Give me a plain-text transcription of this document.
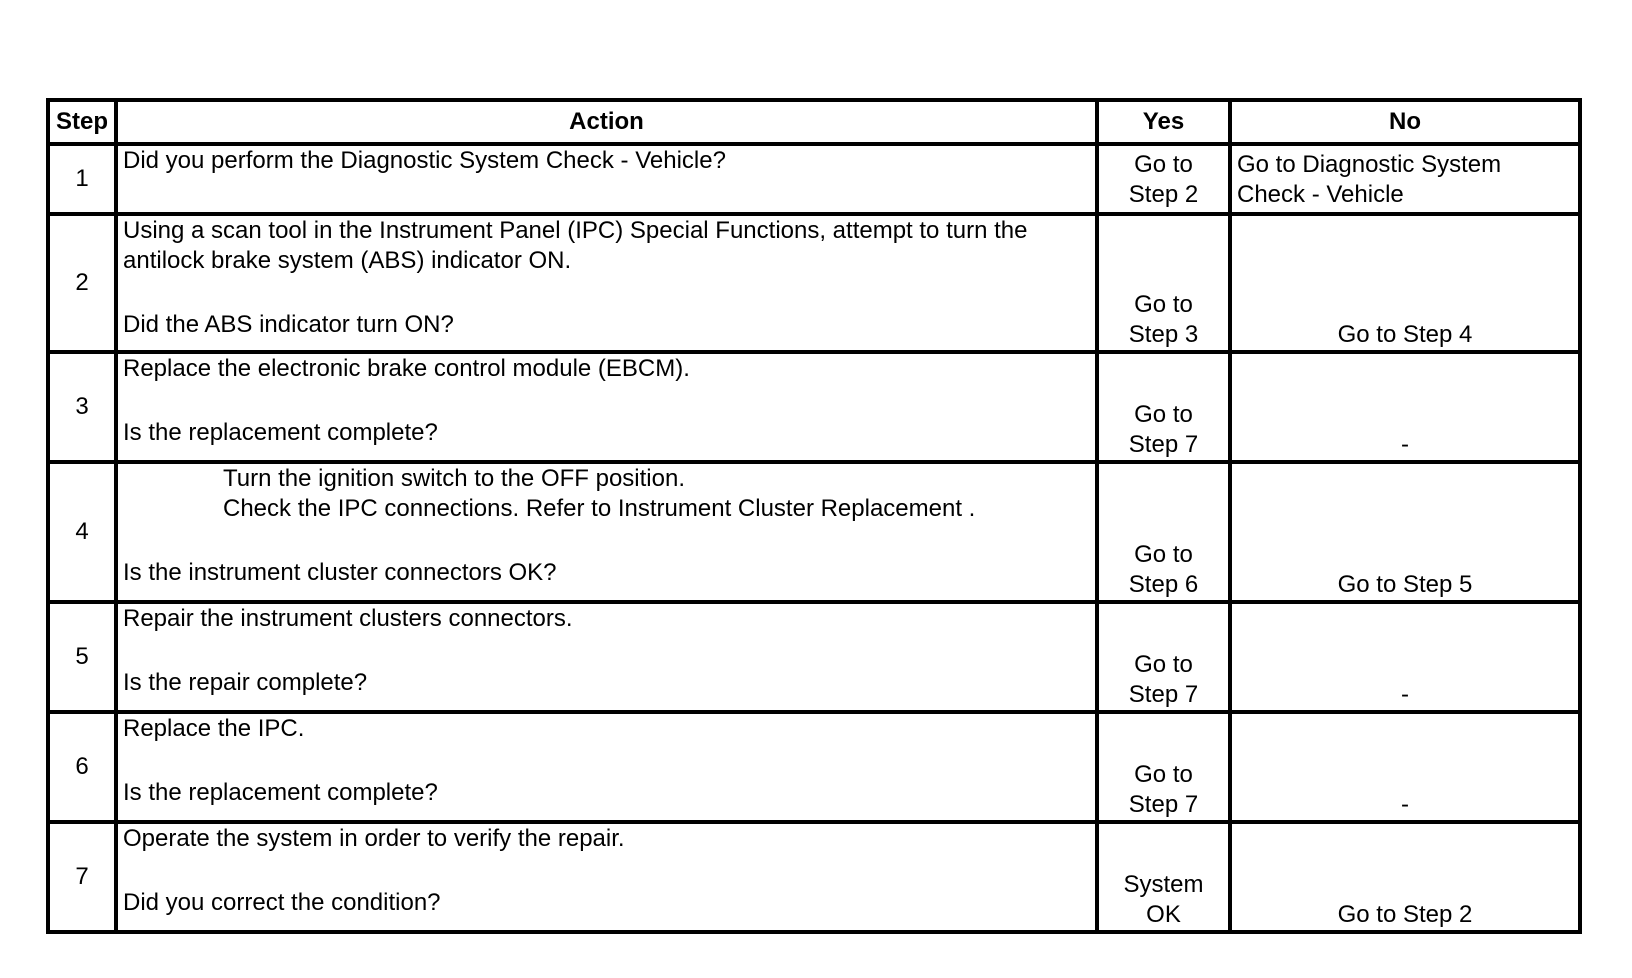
Step	Action	Yes	No
1	Did you perform the Diagnostic System Check - Vehicle?	Go to
Step 2	Go to Diagnostic System
Check - Vehicle

2	Using a scan tool in the Instrument Panel (IPC) Special Functions, attempt to turn the
antilock brake system (ABS) indicator ON.
Did the ABS indicator turn ON?	Go to
Step 3	Go to Step 4

3	Replace the electronic brake control module (EBCM).
Is the replacement complete?	Go to
Step 7	-

4	Turn the ignition switch to the OFF position.
Check the IPC connections. Refer to Instrument Cluster Replacement .
Is the instrument cluster connectors OK?	Go to
Step 6	Go to Step 5

5	Repair the instrument clusters connectors.
Is the repair complete?	Go to
Step 7	-

6	Replace the IPC.
Is the replacement complete?	Go to
Step 7	-

7	Operate the system in order to verify the repair.
Did you correct the condition?	System
OK	Go to Step 2
